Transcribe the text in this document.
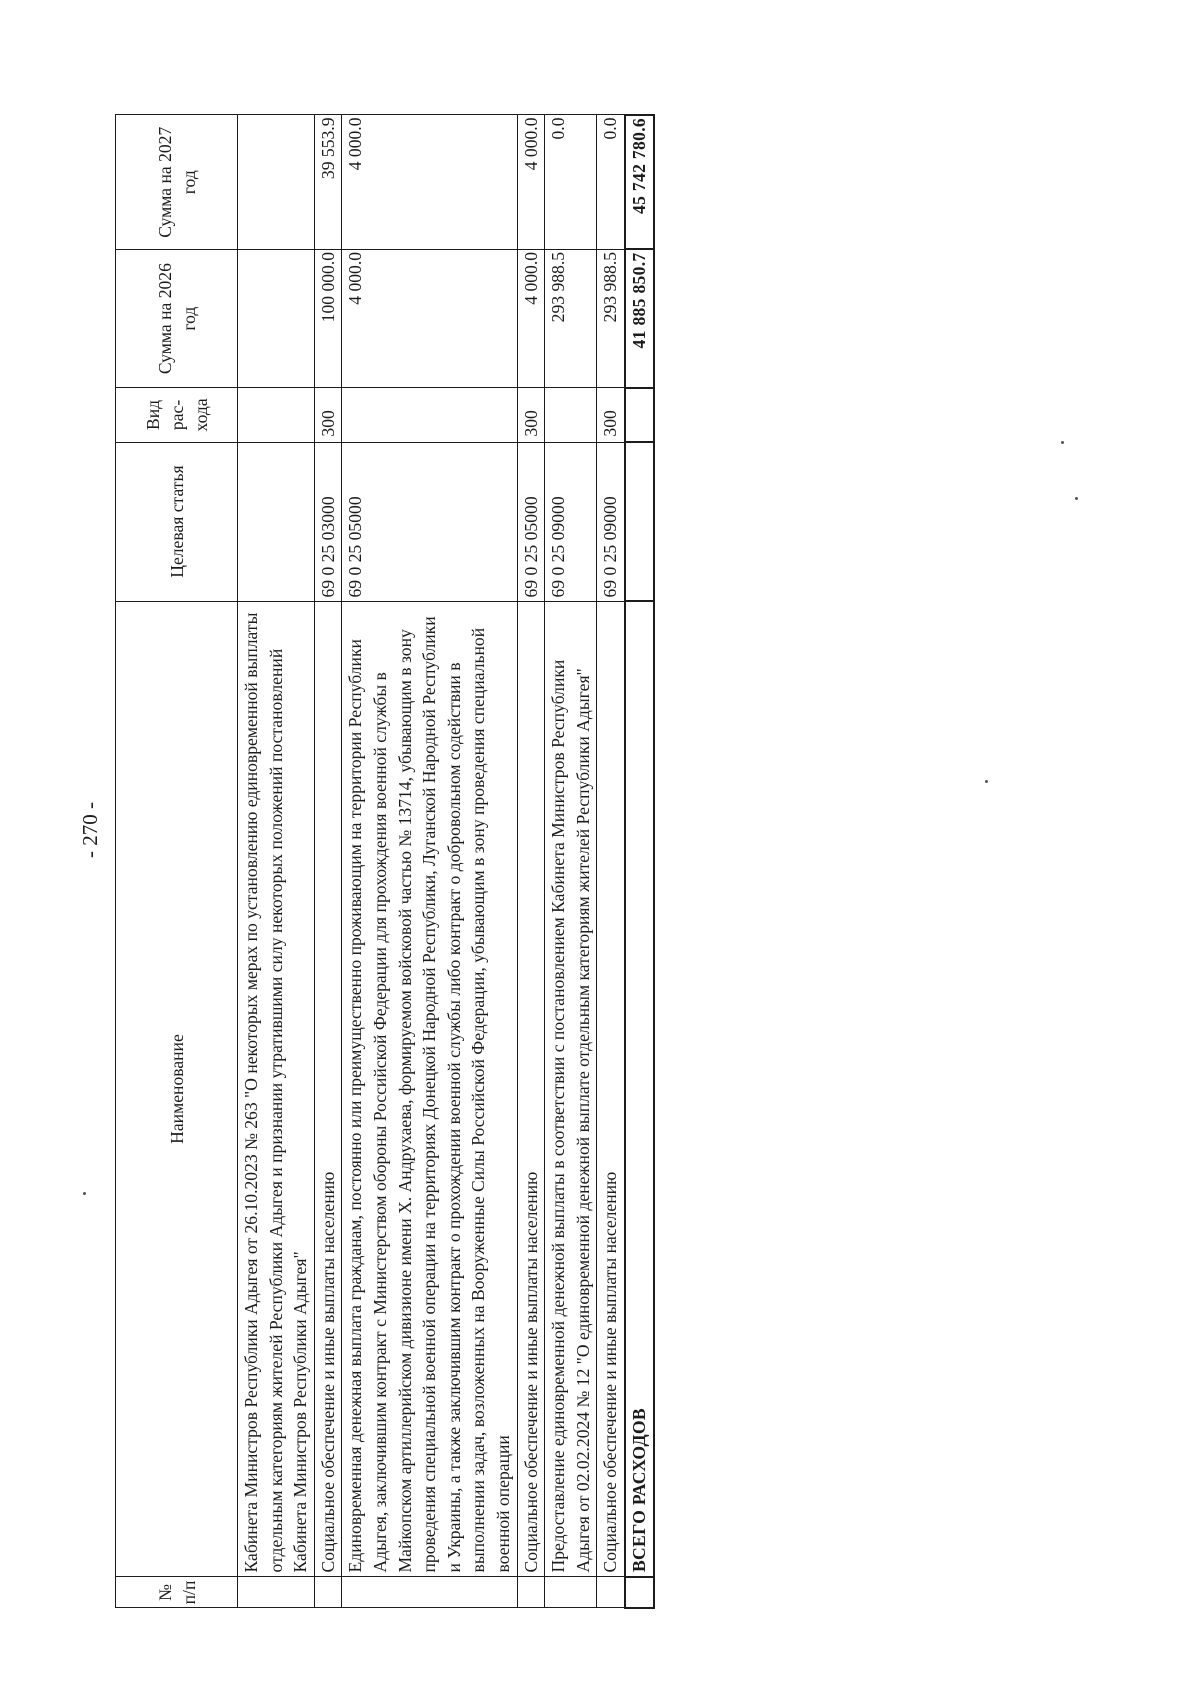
- 270 -
№ п/п	Наименование	Целевая статья	Вид рас-хода	Сумма на 2026 год	Сумма на 2027 год
	Кабинета Министров Республики Адыгея от 26.10.2023 № 263 "О некоторых мерах по установлению единовременной выплаты отдельным категориям жителей Республики Адыгея и признании утратившими силу некоторых положений постановлений Кабинета Министров Республики Адыгея"				
	Социальное обеспечение и иные выплаты населению	69 0 25 03000	300	100 000.0	39 553.9
	Единовременная денежная выплата гражданам, постоянно или преимущественно проживающим на территории Республики Адыгея, заключившим контракт с Министерством обороны Российской Федерации для прохождения военной службы в Майкопском артиллерийском дивизионе имени Х. Андрухаева, формируемом войсковой частью № 13714, убывающим в зону проведения специальной военной операции на территориях Донецкой Народной Республики, Луганской Народной Республики и Украины, а также заключившим контракт о прохождении военной службы либо контракт о добровольном содействии в выполнении задач, возложенных на Вооруженные Силы Российской Федерации, убывающим в зону проведения специальной военной операции	69 0 25 05000		4 000.0	4 000.0
	Социальное обеспечение и иные выплаты населению	69 0 25 05000	300	4 000.0	4 000.0
	Предоставление единовременной денежной выплаты в соответствии с постановлением Кабинета Министров Республики Адыгея от 02.02.2024 № 12 "О единовременной денежной выплате отдельным категориям жителей Республики Адыгея"	69 0 25 09000		293 988.5	0.0
	Социальное обеспечение и иные выплаты населению	69 0 25 09000	300	293 988.5	0.0
	ВСЕГО РАСХОДОВ			41 885 850.7	45 742 780.6
